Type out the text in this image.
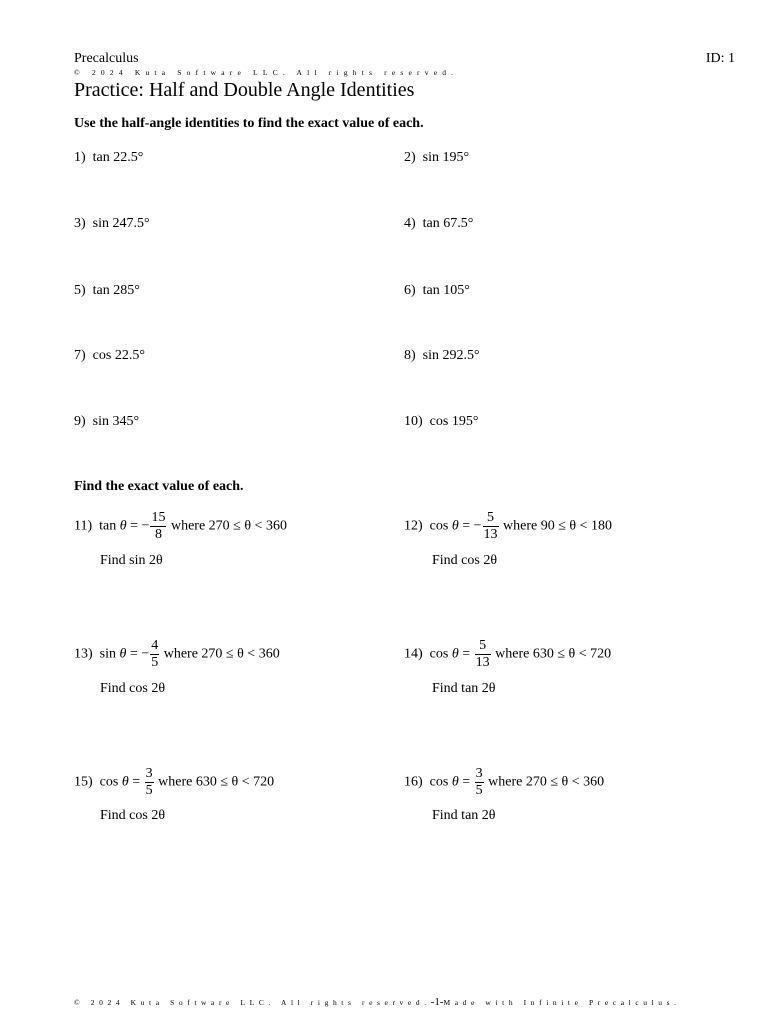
Precalculus	ID: 1
© 2024 Kuta Software LLC. All rights reserved.
Practice: Half and Double Angle Identities
Use the half-angle identities to find the exact value of each.
1) tan 22.5°	2) sin 195°
3) sin 247.5°	4) tan 67.5°
5) tan 285°	6) tan 105°
7) cos 22.5°	8) sin 292.5°
9) sin 345°	10) cos 195°
Find the exact value of each.
11) tan θ = − $\frac{15}{8}$ where 270 ≤ θ < 360
Find sin 2θ
12) cos θ = − $\frac{5}{13}$ where 90 ≤ θ < 180
Find cos 2θ
13) sin θ = − $\frac{4}{5}$ where 270 ≤ θ < 360
Find cos 2θ
14) $\cos \theta = \frac{5}{13}$ where 630 ≤ θ < 720
Find tan 2θ
15) $\cos \theta = \frac{3}{5}$ where 630 ≤ θ < 720
Find cos 2θ
16) $\cos \theta = \frac{3}{5}$ where 270 ≤ θ < 360
Find tan 2θ
© 2024 Kuta Software LLC. All rights reserved.-1-Made with Infinite Precalculus.
